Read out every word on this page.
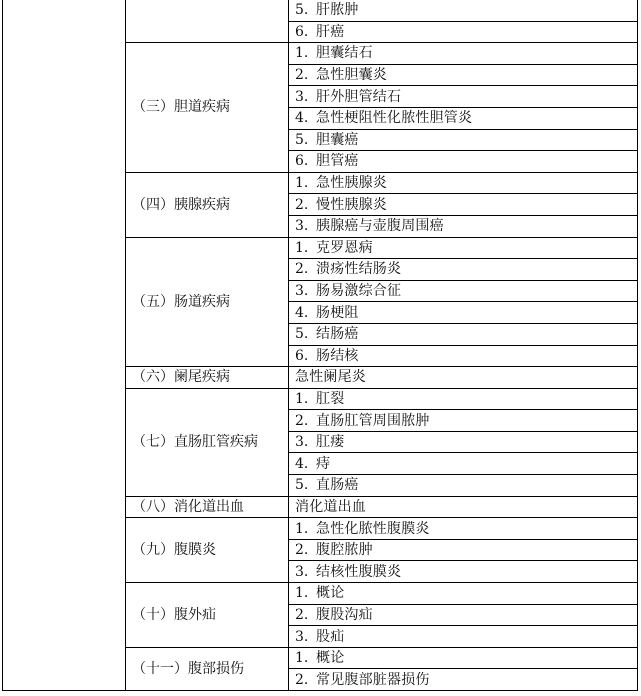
		5. 肝脓肿
		6. 肝癌
	（三）胆道疾病	1. 胆囊结石
		2. 急性胆囊炎
		3. 肝外胆管结石
		4. 急性梗阻性化脓性胆管炎
		5. 胆囊癌
		6. 胆管癌
	（四）胰腺疾病	1. 急性胰腺炎
		2. 慢性胰腺炎
		3. 胰腺癌与壶腹周围癌
	（五）肠道疾病	1. 克罗恩病
		2. 溃疡性结肠炎
		3. 肠易激综合征
		4. 肠梗阻
		5. 结肠癌
		6. 肠结核
	（六）阑尾疾病	急性阑尾炎
	（七）直肠肛管疾病	1. 肛裂
		2. 直肠肛管周围脓肿
		3. 肛瘘
		4. 痔
		5. 直肠癌
	（八）消化道出血	消化道出血
	（九）腹膜炎	1. 急性化脓性腹膜炎
		2. 腹腔脓肿
		3. 结核性腹膜炎
	（十）腹外疝	1. 概论
		2. 腹股沟疝
		3. 股疝
	（十一）腹部损伤	1. 概论
		2. 常见腹部脏器损伤
